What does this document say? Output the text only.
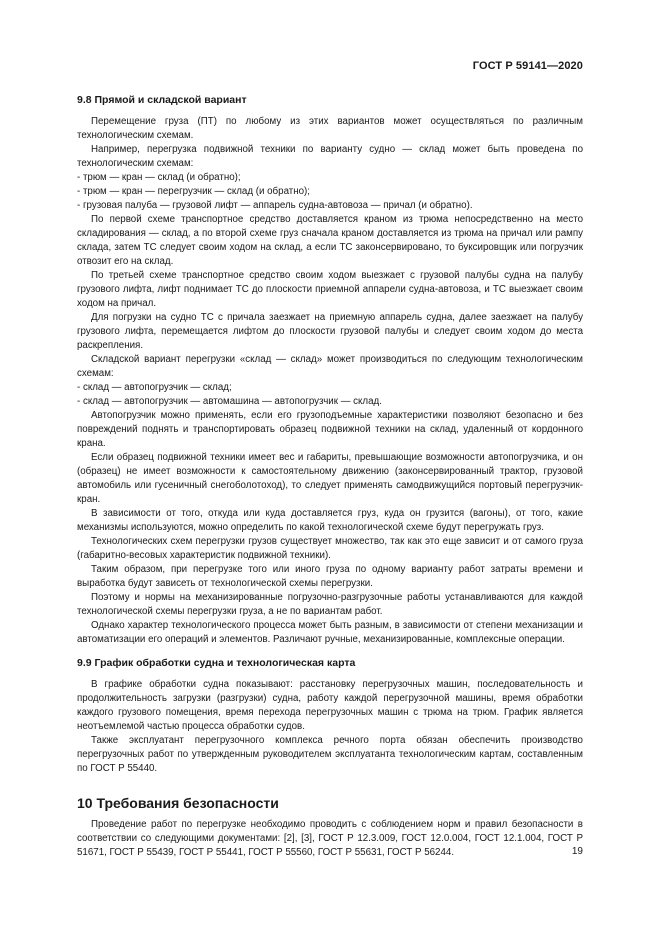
ГОСТ Р 59141—2020
9.8 Прямой и складской вариант

Перемещение груза (ПТ) по любому из этих вариантов может осуществляться по различным технологическим схемам.

Например, перегрузка подвижной техники по варианту судно — склад может быть проведена по технологическим схемам:

- трюм — кран — склад (и обратно);

- трюм — кран — перегрузчик — склад (и обратно);

- грузовая палуба — грузовой лифт — аппарель судна-автовоза — причал (и обратно).

По первой схеме транспортное средство доставляется краном из трюма непосредственно на место складирования — склад, а по второй схеме груз сначала краном доставляется из трюма на причал или рампу склада, затем ТС следует своим ходом на склад, а если ТС законсервировано, то буксировщик или погрузчик отвозит его на склад.

По третьей схеме транспортное средство своим ходом выезжает с грузовой палубы судна на палубу грузового лифта, лифт поднимает ТС до плоскости приемной аппарели судна-автовоза, и ТС выезжает своим ходом на причал.

Для погрузки на судно ТС с причала заезжает на приемную аппарель судна, далее заезжает на палубу грузового лифта, перемещается лифтом до плоскости грузовой палубы и следует своим ходом до места раскрепления.

Складской вариант перегрузки «склад — склад» может производиться по следующим технологическим схемам:

- склад — автопогрузчик — склад;

- склад — автопогрузчик — автомашина — автопогрузчик — склад.

Автопогрузчик можно применять, если его грузоподъемные характеристики позволяют безопасно и без повреждений поднять и транспортировать образец подвижной техники на склад, удаленный от кордонного крана.

Если образец подвижной техники имеет вес и габариты, превышающие возможности автопогрузчика, и он (образец) не имеет возможности к самостоятельному движению (законсервированный трактор, грузовой автомобиль или гусеничный снегоболотоход), то следует применять самодвижущийся портовый перегрузчик-кран.

В зависимости от того, откуда или куда доставляется груз, куда он грузится (вагоны), от того, какие механизмы используются, можно определить по какой технологической схеме будут перегружать груз.

Технологических схем перегрузки грузов существует множество, так как это еще зависит и от самого груза (габаритно-весовых характеристик подвижной техники).

Таким образом, при перегрузке того или иного груза по одному варианту работ затраты времени и выработка будут зависеть от технологической схемы перегрузки.

Поэтому и нормы на механизированные погрузочно-разгрузочные работы устанавливаются для каждой технологической схемы перегрузки груза, а не по вариантам работ.

Однако характер технологического процесса может быть разным, в зависимости от степени механизации и автоматизации его операций и элементов. Различают ручные, механизированные, комплексные операции.

9.9 График обработки судна и технологическая карта

В графике обработки судна показывают: расстановку перегрузочных машин, последовательность и продолжительность загрузки (разгрузки) судна, работу каждой перегрузочной машины, время обработки каждого грузового помещения, время перехода перегрузочных машин с трюма на трюм. График является неотъемлемой частью процесса обработки судов.

Также эксплуатант перегрузочного комплекса речного порта обязан обеспечить производство перегрузочных работ по утвержденным руководителем эксплуатанта технологическим картам, составленным по ГОСТ Р 55440.

10 Требования безопасности

Проведение работ по перегрузке необходимо проводить с соблюдением норм и правил безопасности в соответствии со следующими документами: [2], [3], ГОСТ Р 12.3.009, ГОСТ 12.0.004, ГОСТ 12.1.004, ГОСТ Р 51671, ГОСТ Р 55439, ГОСТ Р 55441, ГОСТ Р 55560, ГОСТ Р 55631, ГОСТ Р 56244.	19
